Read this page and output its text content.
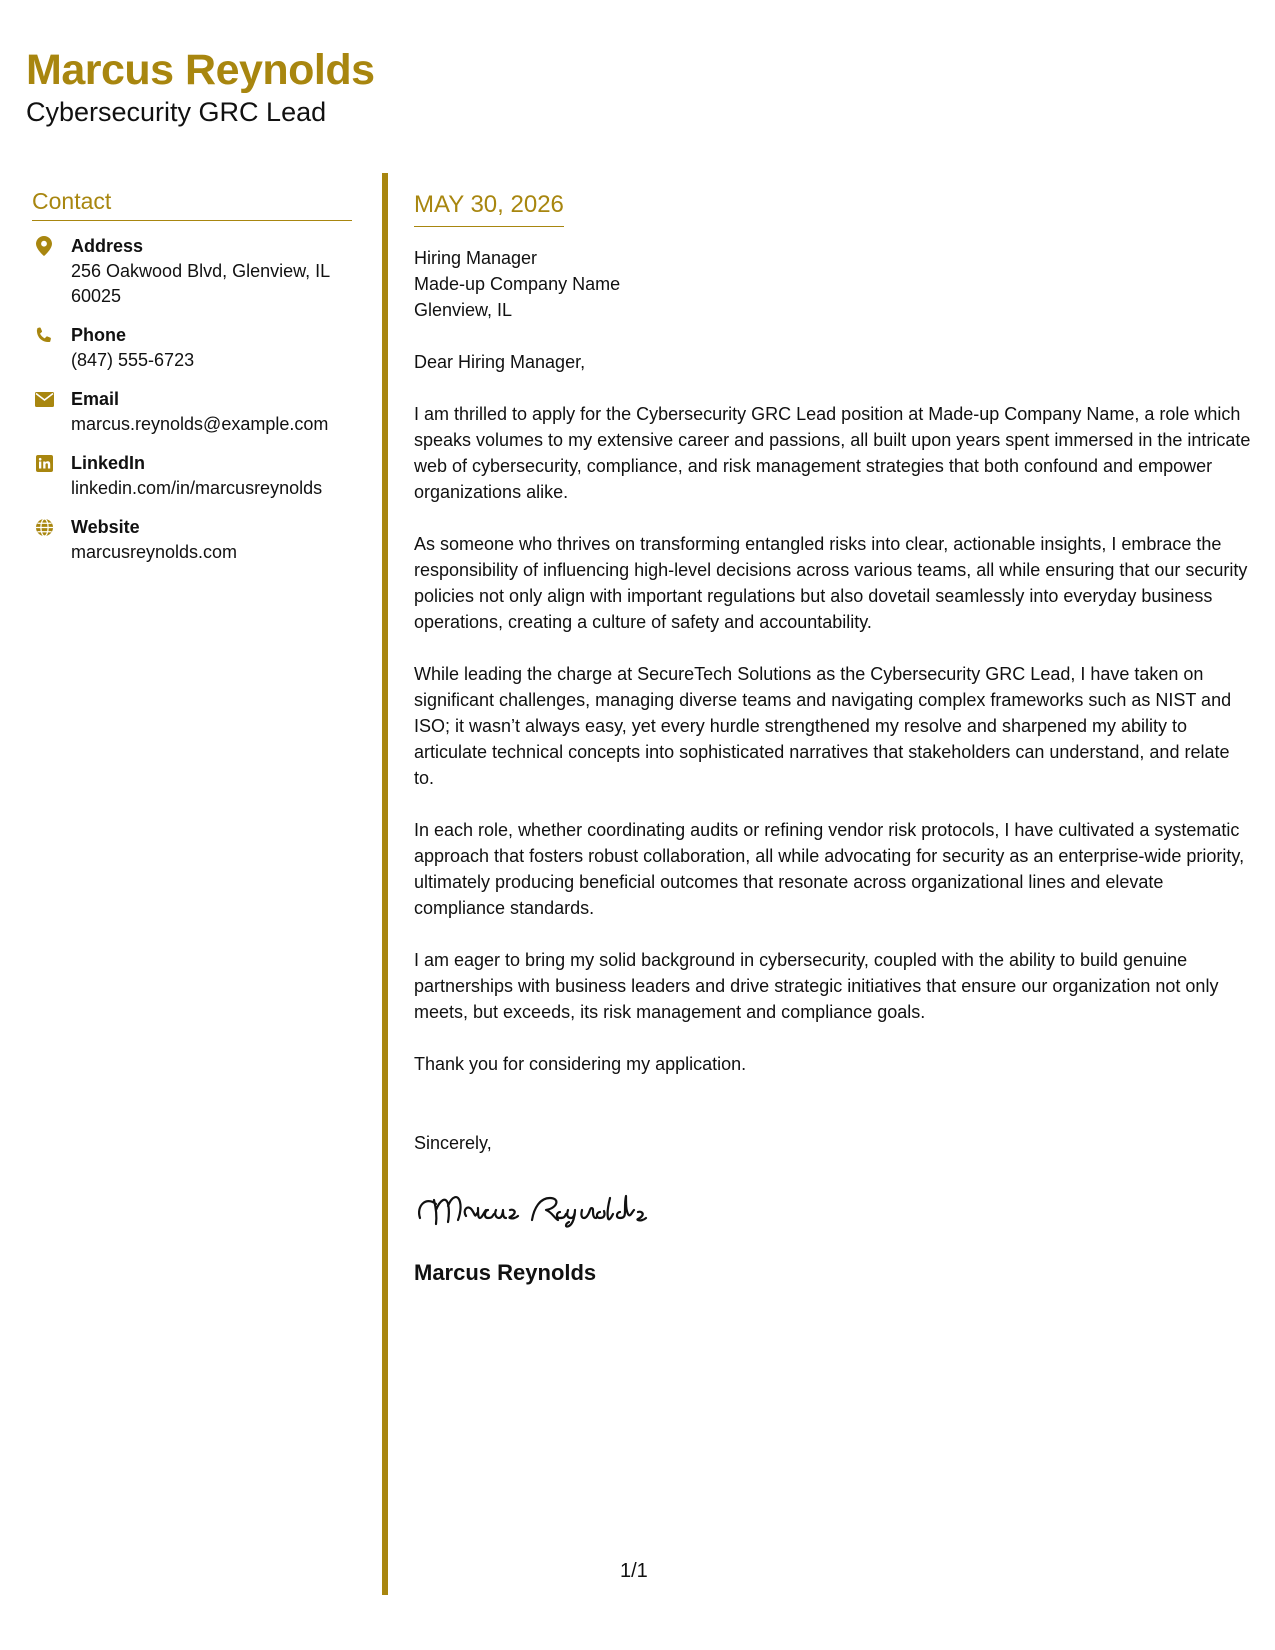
Marcus Reynolds
Cybersecurity GRC Lead
Contact
Address
256 Oakwood Blvd, Glenview, IL 60025
Phone
(847) 555-6723
Email
marcus.reynolds@example.com
LinkedIn
linkedin.com/in/marcusreynolds
Website
marcusreynolds.com
MAY 30, 2026
Hiring Manager
Made-up Company Name
Glenview, IL

Dear Hiring Manager,

I am thrilled to apply for the Cybersecurity GRC Lead position at Made-up Company Name, a role which speaks volumes to my extensive career and passions, all built upon years spent immersed in the intricate web of cybersecurity, compliance, and risk management strategies that both confound and empower organizations alike.

As someone who thrives on transforming entangled risks into clear, actionable insights, I embrace the responsibility of influencing high-level decisions across various teams, all while ensuring that our security policies not only align with important regulations but also dovetail seamlessly into everyday business operations, creating a culture of safety and accountability.

While leading the charge at SecureTech Solutions as the Cybersecurity GRC Lead, I have taken on significant challenges, managing diverse teams and navigating complex frameworks such as NIST and ISO; it wasn’t always easy, yet every hurdle strengthened my resolve and sharpened my ability to articulate technical concepts into sophisticated narratives that stakeholders can understand, and relate to.

In each role, whether coordinating audits or refining vendor risk protocols, I have cultivated a systematic approach that fosters robust collaboration, all while advocating for security as an enterprise-wide priority, ultimately producing beneficial outcomes that resonate across organizational lines and elevate compliance standards.

I am eager to bring my solid background in cybersecurity, coupled with the ability to build genuine partnerships with business leaders and drive strategic initiatives that ensure our organization not only meets, but exceeds, its risk management and compliance goals.

Thank you for considering my application.

Sincerely,

Marcus Reynolds
1/1
